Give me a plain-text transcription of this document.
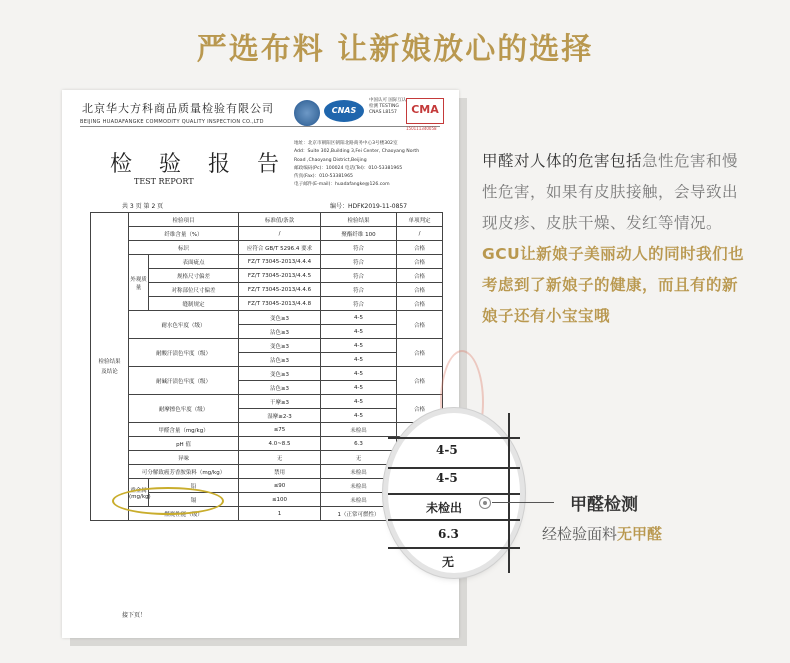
严选布料 让新娘放心的选择
北京华大方科商品质量检验有限公司
BEIJING HUADAFANGKE COMMODITY QUALITY INSPECTION CO.,LTD
CNAS
中国认可 国际互认 检测 TESTING CNAS L8157	CMA
150111340058
检 验 报 告
TEST REPORT
地址：北京市朝阳区朝阳北路商务中心3号楼302室
Add：Suite 302,Building 3,Fei Center, Chaoyang North
Road ,Chaoyang District,Beijing
邮政编码(Pc)：100024 电话(Tel)：010-53381965
传真(Fax)：010-53381965
电子邮件(E-mail)：huadafangke@126.com
共 3 页 第 2 页	编号：HDFK2019-11-0857
检验结果
及结论	检验项目		标准值/条款	检验结果	单项判定
	纤维含量（%）		/	聚酯纤维 100	/
	标识		应符合 GB/T 5296.4 要求	符合	合格
	外观质量	表面疵点	FZ/T 73045-2013/4.4.4	符合	合格
		规格尺寸偏差	FZ/T 73045-2013/4.4.5	符合	合格
		对称部位尺寸偏差	FZ/T 73045-2013/4.4.6	符合	合格
		缝制规定	FZ/T 73045-2013/4.4.8	符合	合格
	耐水色牢度（级）		变色≥3	4-5	合格
			沾色≥3	4-5	
	耐酸汗渍色牢度（级）		变色≥3	4-5	合格
			沾色≥3	4-5	
	耐碱汗渍色牢度（级）		变色≥3	4-5	合格
			沾色≥3	4-5	
	耐摩擦色牢度（级）		干摩≥3	4-5	合格
			湿摩≥2-3	4-5	
	甲醛含量（mg/kg）		≤75	未检出	
	pH 值		4.0~8.5	6.3	
	异味		无	无	
	可分解致癌芳香胺染料（mg/kg）		禁用	未检出	
	重金属(mg/kg)	铅	≤90	未检出	
		镉	≤100	未检出	
	燃烧性能（级）		1	1（正常可燃性）	
接下页！
4-5
4-5
未检出
6.3
无
甲醛检测
经检验面料无甲醛
甲醛对人体的危害包括急性危害和慢性危害，如果有皮肤接触，会导致出现皮疹、皮肤干燥、发红等情况。GCU让新娘子美丽动人的同时我们也考虑到了新娘子的健康，而且有的新娘子还有小宝宝哦
